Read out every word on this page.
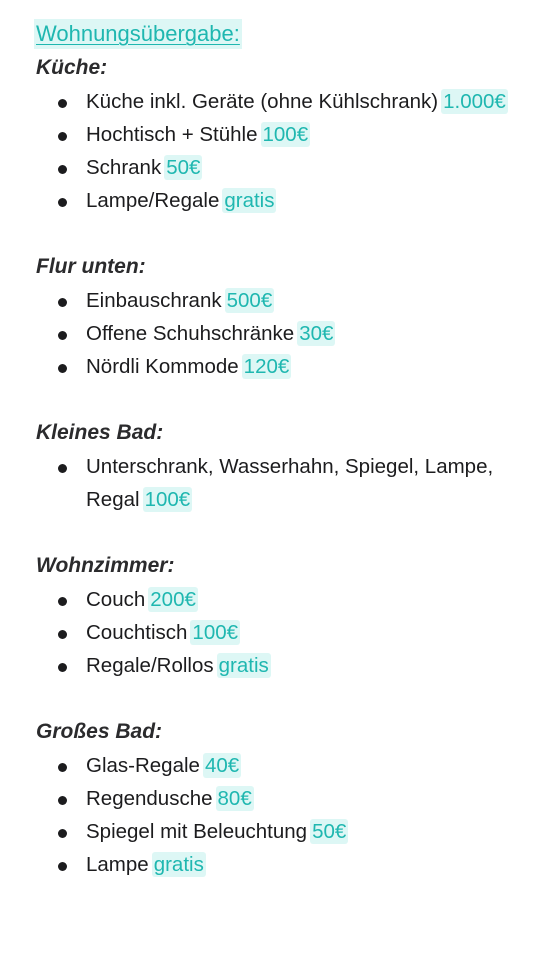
Wohnungsübergabe:
Küche:
Küche inkl. Geräte (ohne Kühlschrank) 1.000€
Hochtisch + Stühle 100€
Schrank 50€
Lampe/Regale gratis
Flur unten:
Einbauschrank 500€
Offene Schuhschränke 30€
Nördli Kommode 120€
Kleines Bad:
Unterschrank, Wasserhahn, Spiegel, Lampe, Regal 100€
Wohnzimmer:
Couch 200€
Couchtisch 100€
Regale/Rollos gratis
Großes Bad:
Glas-Regale 40€
Regendusche 80€
Spiegel mit Beleuchtung 50€
Lampe gratis
